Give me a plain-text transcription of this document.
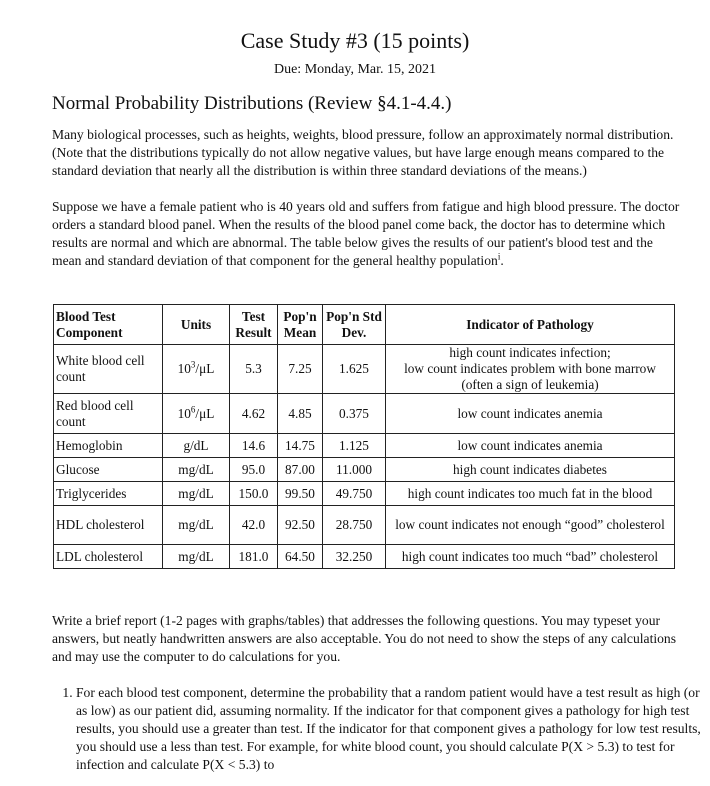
Case Study #3 (15 points)
Due: Monday, Mar. 15, 2021
Normal Probability Distributions (Review §4.1-4.4.)

Many biological processes, such as heights, weights, blood pressure, follow an approximately normal distribution. (Note that the distributions typically do not allow negative values, but have large enough means compared to the standard deviation that nearly all the distribution is within three standard deviations of the means.)

Suppose we have a female patient who is 40 years old and suffers from fatigue and high blood pressure. The doctor orders a standard blood panel. When the results of the blood panel come back, the doctor has to determine which results are normal and which are abnormal. The table below gives the results of our patient's blood test and the mean and standard deviation of that component for the general healthy population$^i$.

Blood Test Component	Units	Test Result	Pop'n Mean	Pop'n Std Dev.	Indicator of Pathology
White blood cell count	$10^3/\mu L$	5.3	7.25	1.625	high count indicates infection;
low count indicates problem with bone marrow
(often a sign of leukemia)

Red blood cell count	$10^6/\mu L$	4.62	4.85	0.375	low count indicates anemia
Hemoglobin	g/dL	14.6	14.75	1.125	low count indicates anemia
Glucose	mg/dL	95.0	87.00	11.000	high count indicates diabetes
Triglycerides	mg/dL	150.0	99.50	49.750	high count indicates too much fat in the blood
HDL cholesterol	mg/dL	42.0	92.50	28.750	low count indicates not enough “good” cholesterol
LDL cholesterol	mg/dL	181.0	64.50	32.250	high count indicates too much “bad” cholesterol

Write a brief report (1-2 pages with graphs/tables) that addresses the following questions. You may typeset your answers, but neatly handwritten answers are also acceptable. You do not need to show the steps of any calculations and may use the computer to do calculations for you.

1. For each blood test component, determine the probability that a random patient would have a test result as high (or as low) as our patient did, assuming normality. If the indicator for that component gives a pathology for high test results, you should use a greater than test. If the indicator for that component gives a pathology for low test results, you should use a less than test. For example, for white blood count, you should calculate P(X > 5.3) to test for infection and calculate P(X < 5.3) to
